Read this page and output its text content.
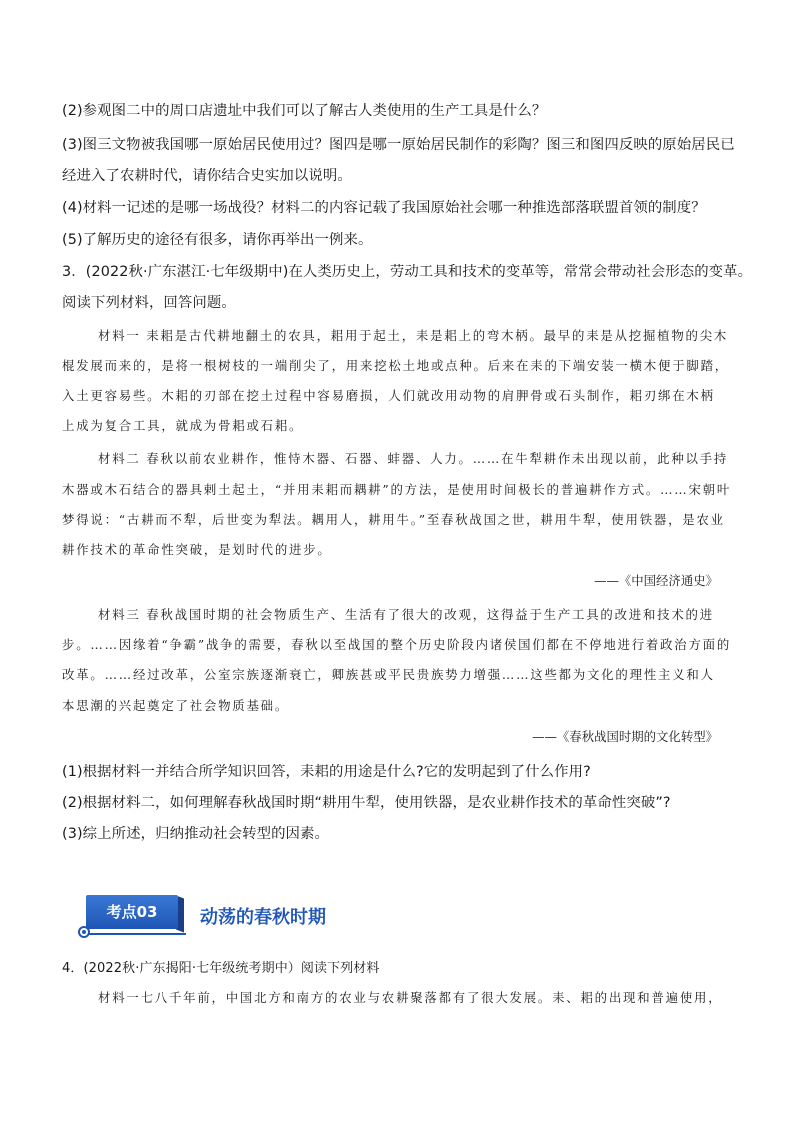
(2)参观图二中的周口店遗址中我们可以了解古人类使用的生产工具是什么？

(3)图三文物被我国哪一原始居民使用过？图四是哪一原始居民制作的彩陶？图三和图四反映的原始居民已

经进入了农耕时代，请你结合史实加以说明。

(4)材料一记述的是哪一场战役？材料二的内容记载了我国原始社会哪一种推选部落联盟首领的制度？

(5)了解历史的途径有很多，请你再举出一例来。

3．(2022秋·广东湛江·七年级期中)在人类历史上，劳动工具和技术的变革等，常常会带动社会形态的变革。

阅读下列材料，回答问题。

材料一 耒耜是古代耕地翻土的农具，耜用于起土，耒是耜上的弯木柄。最早的耒是从挖掘植物的尖木

棍发展而来的，是将一根树枝的一端削尖了，用来挖松土地或点种。后来在耒的下端安装一横木便于脚踏，

入土更容易些。木耜的刃部在挖土过程中容易磨损，人们就改用动物的肩胛骨或石头制作，耜刃绑在木柄

上成为复合工具，就成为骨耜或石耜。

材料二 春秋以前农业耕作，惟恃木器、石器、蚌器、人力。……在牛犁耕作未出现以前，此种以手持

木器或木石结合的器具剌土起土，“并用耒耜而耦耕”的方法，是使用时间极长的普遍耕作方式。……宋朝叶

梦得说：“古耕而不犁，后世变为犁法。耦用人，耕用牛。”至春秋战国之世，耕用牛犁，使用铁器，是农业

耕作技术的革命性突破，是划时代的进步。

——《中国经济通史》

材料三 春秋战国时期的社会物质生产、生活有了很大的改观，这得益于生产工具的改进和技术的进

步。……因缘着“争霸”战争的需要，春秋以至战国的整个历史阶段内诸侯国们都在不停地进行着政治方面的

改革。……经过改革，公室宗族逐渐衰亡，卿族甚或平民贵族势力增强……这些都为文化的理性主义和人

本思潮的兴起奠定了社会物质基础。

——《春秋战国时期的文化转型》

(1)根据材料一并结合所学知识回答，耒耜的用途是什么?它的发明起到了什么作用?

(2)根据材料二，如何理解春秋战国时期“耕用牛犁，使用铁器，是农业耕作技术的革命性突破”?

(3)综上所述，归纳推动社会转型的因素。

考点03	动荡的春秋时期

4．(2022秋·广东揭阳·七年级统考期中）阅读下列材料

材料一七八千年前，中国北方和南方的农业与农耕聚落都有了很大发展。耒、耜的出现和普遍使用，
